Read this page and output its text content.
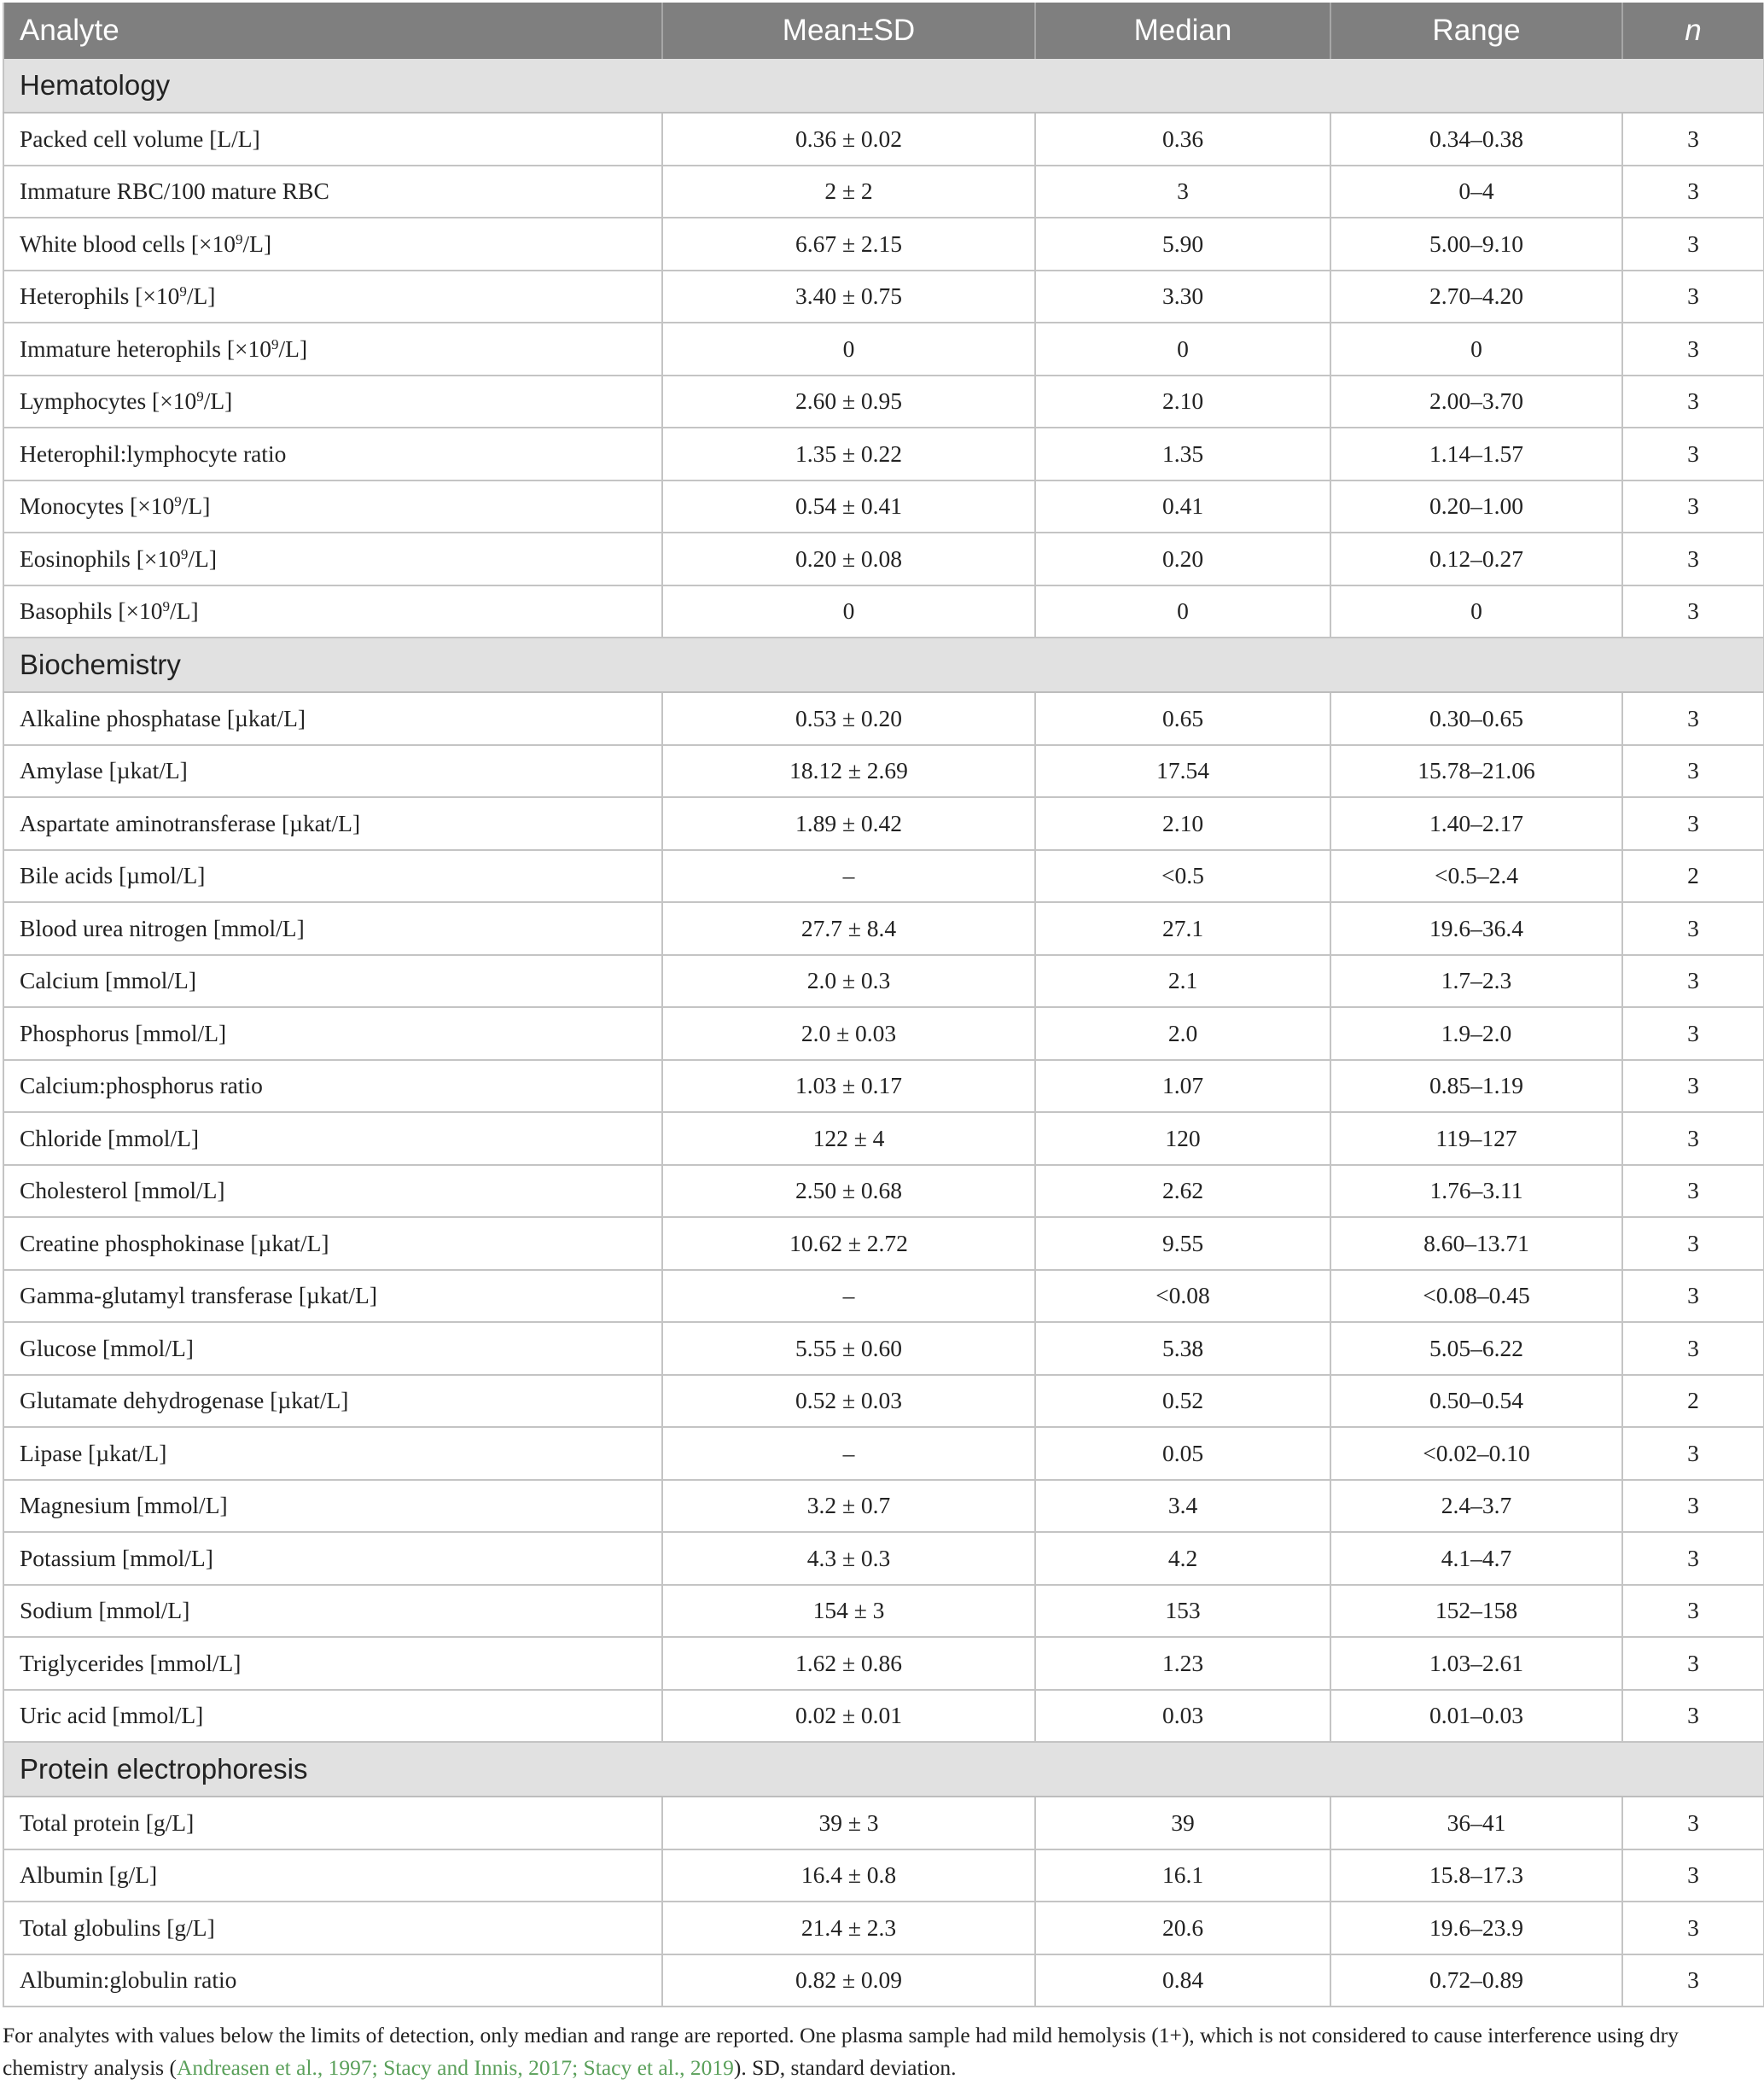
Analyte	Mean±SD	Median	Range	n
Hematology				
Packed cell volume [L/L]	0.36 ± 0.02	0.36	0.34–0.38	3
Immature RBC/100 mature RBC	2 ± 2	3	0–4	3
White blood cells $[\times 10^9/L]$	6.67 ± 2.15	5.90	5.00–9.10	3
Heterophils $[\times 10^9/L]$	3.40 ± 0.75	3.30	2.70–4.20	3
Immature heterophils $[\times 10^9/L]$	0	0	0	3
Lymphocytes $[\times 10^9/L]$	2.60 ± 0.95	2.10	2.00–3.70	3
Heterophil:lymphocyte ratio	1.35 ± 0.22	1.35	1.14–1.57	3
Monocytes $[\times 10^9/L]$	0.54 ± 0.41	0.41	0.20–1.00	3
Eosinophils $[\times 10^9/L]$	0.20 ± 0.08	0.20	0.12–0.27	3
Basophils $[\times 10^9/L]$	0	0	0	3
Biochemistry				
Alkaline phosphatase [µkat/L]	0.53 ± 0.20	0.65	0.30–0.65	3
Amylase [µkat/L]	18.12 ± 2.69	17.54	15.78–21.06	3
Aspartate aminotransferase [µkat/L]	1.89 ± 0.42	2.10	1.40–2.17	3
Bile acids [µmol/L]	–	<0.5	<0.5–2.4	2
Blood urea nitrogen [mmol/L]	27.7 ± 8.4	27.1	19.6–36.4	3
Calcium [mmol/L]	2.0 ± 0.3	2.1	1.7–2.3	3
Phosphorus [mmol/L]	2.0 ± 0.03	2.0	1.9–2.0	3
Calcium:phosphorus ratio	1.03 ± 0.17	1.07	0.85–1.19	3
Chloride [mmol/L]	122 ± 4	120	119–127	3
Cholesterol [mmol/L]	2.50 ± 0.68	2.62	1.76–3.11	3
Creatine phosphokinase [µkat/L]	10.62 ± 2.72	9.55	8.60–13.71	3
Gamma-glutamyl transferase [µkat/L]	–	<0.08	<0.08–0.45	3
Glucose [mmol/L]	5.55 ± 0.60	5.38	5.05–6.22	3
Glutamate dehydrogenase [µkat/L]	0.52 ± 0.03	0.52	0.50–0.54	2
Lipase [µkat/L]	–	0.05	<0.02–0.10	3
Magnesium [mmol/L]	3.2 ± 0.7	3.4	2.4–3.7	3
Potassium [mmol/L]	4.3 ± 0.3	4.2	4.1–4.7	3
Sodium [mmol/L]	154 ± 3	153	152–158	3
Triglycerides [mmol/L]	1.62 ± 0.86	1.23	1.03–2.61	3
Uric acid [mmol/L]	0.02 ± 0.01	0.03	0.01–0.03	3
Protein electrophoresis				
Total protein [g/L]	39 ± 3	39	36–41	3
Albumin [g/L]	16.4 ± 0.8	16.1	15.8–17.3	3
Total globulins [g/L]	21.4 ± 2.3	20.6	19.6–23.9	3
Albumin:globulin ratio	0.82 ± 0.09	0.84	0.72–0.89	3
For analytes with values below the limits of detection, only median and range are reported. One plasma sample had mild hemolysis (1+), which is not considered to cause interference using dry chemistry analysis (Andreasen et al., 1997; Stacy and Innis, 2017; Stacy et al., 2019). SD, standard deviation.
